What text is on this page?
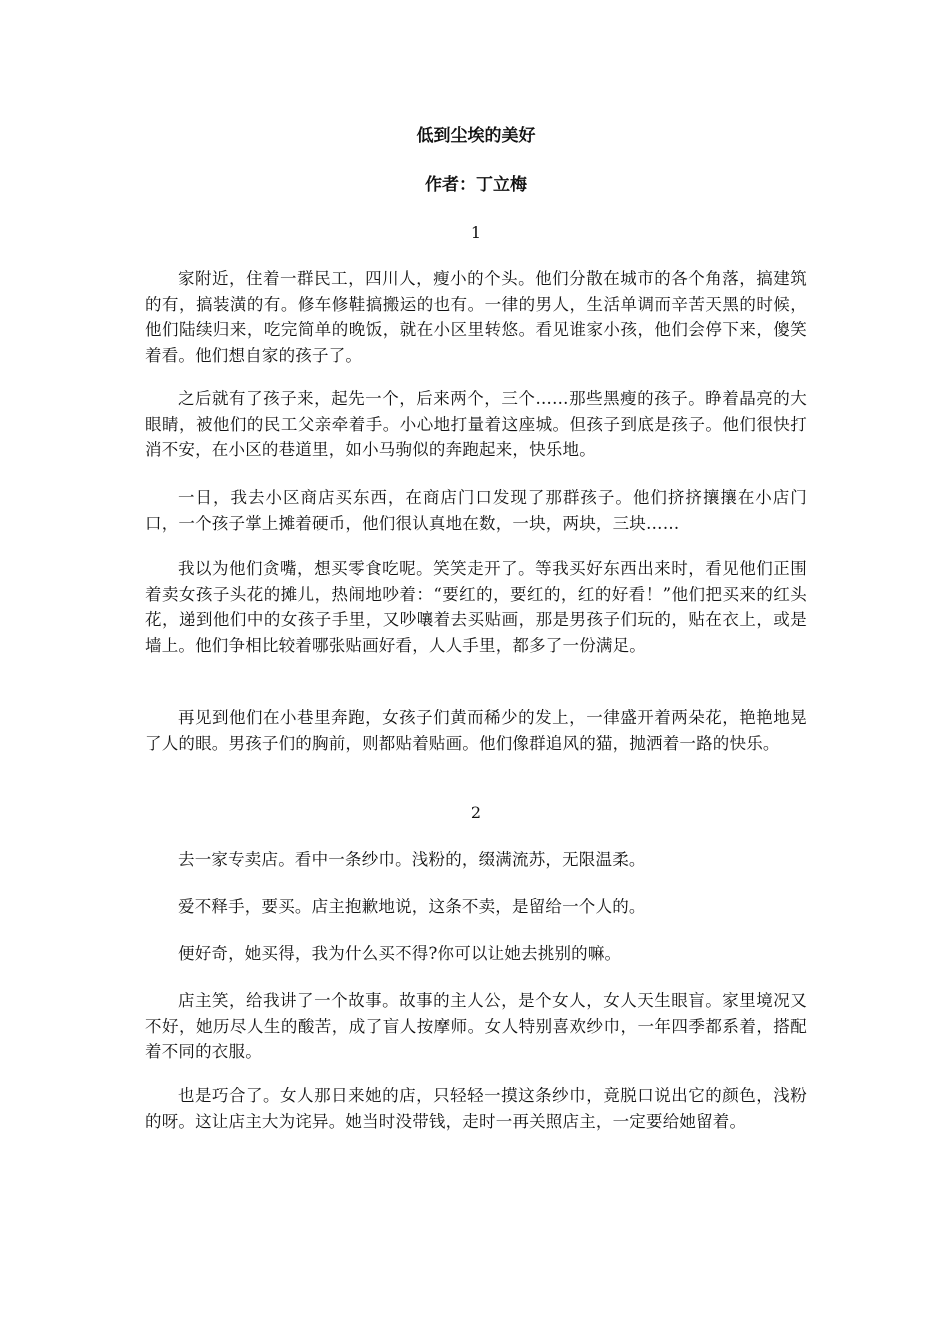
低到尘埃的美好
作者：丁立梅
1

家附近，住着一群民工，四川人，瘦小的个头。他们分散在城市的各个角落，搞建筑的有，搞装潢的有。修车修鞋搞搬运的也有。一律的男人，生活单调而辛苦天黑的时候，他们陆续归来，吃完简单的晚饭，就在小区里转悠。看见谁家小孩，他们会停下来，傻笑着看。他们想自家的孩子了。

之后就有了孩子来，起先一个，后来两个，三个……那些黑瘦的孩子。睁着晶亮的大眼睛，被他们的民工父亲牵着手。小心地打量着这座城。但孩子到底是孩子。他们很快打消不安，在小区的巷道里，如小马驹似的奔跑起来，快乐地。

一日，我去小区商店买东西，在商店门口发现了那群孩子。他们挤挤攘攘在小店门口，一个孩子掌上摊着硬币，他们很认真地在数，一块，两块，三块……

我以为他们贪嘴，想买零食吃呢。笑笑走开了。等我买好东西出来时，看见他们正围着卖女孩子头花的摊儿，热闹地吵着：“要红的，要红的，红的好看！”他们把买来的红头花，递到他们中的女孩子手里，又吵嚷着去买贴画，那是男孩子们玩的，贴在衣上，或是墙上。他们争相比较着哪张贴画好看，人人手里，都多了一份满足。

再见到他们在小巷里奔跑，女孩子们黄而稀少的发上，一律盛开着两朵花，艳艳地晃了人的眼。男孩子们的胸前，则都贴着贴画。他们像群追风的猫，抛洒着一路的快乐。

2

去一家专卖店。看中一条纱巾。浅粉的，缀满流苏，无限温柔。

爱不释手，要买。店主抱歉地说，这条不卖，是留给一个人的。

便好奇，她买得，我为什么买不得?你可以让她去挑别的嘛。

店主笑，给我讲了一个故事。故事的主人公，是个女人，女人天生眼盲。家里境况又不好，她历尽人生的酸苦，成了盲人按摩师。女人特别喜欢纱巾，一年四季都系着，搭配着不同的衣服。

也是巧合了。女人那日来她的店，只轻轻一摸这条纱巾，竟脱口说出它的颜色，浅粉的呀。这让店主大为诧异。她当时没带钱，走时一再关照店主，一定要给她留着。
